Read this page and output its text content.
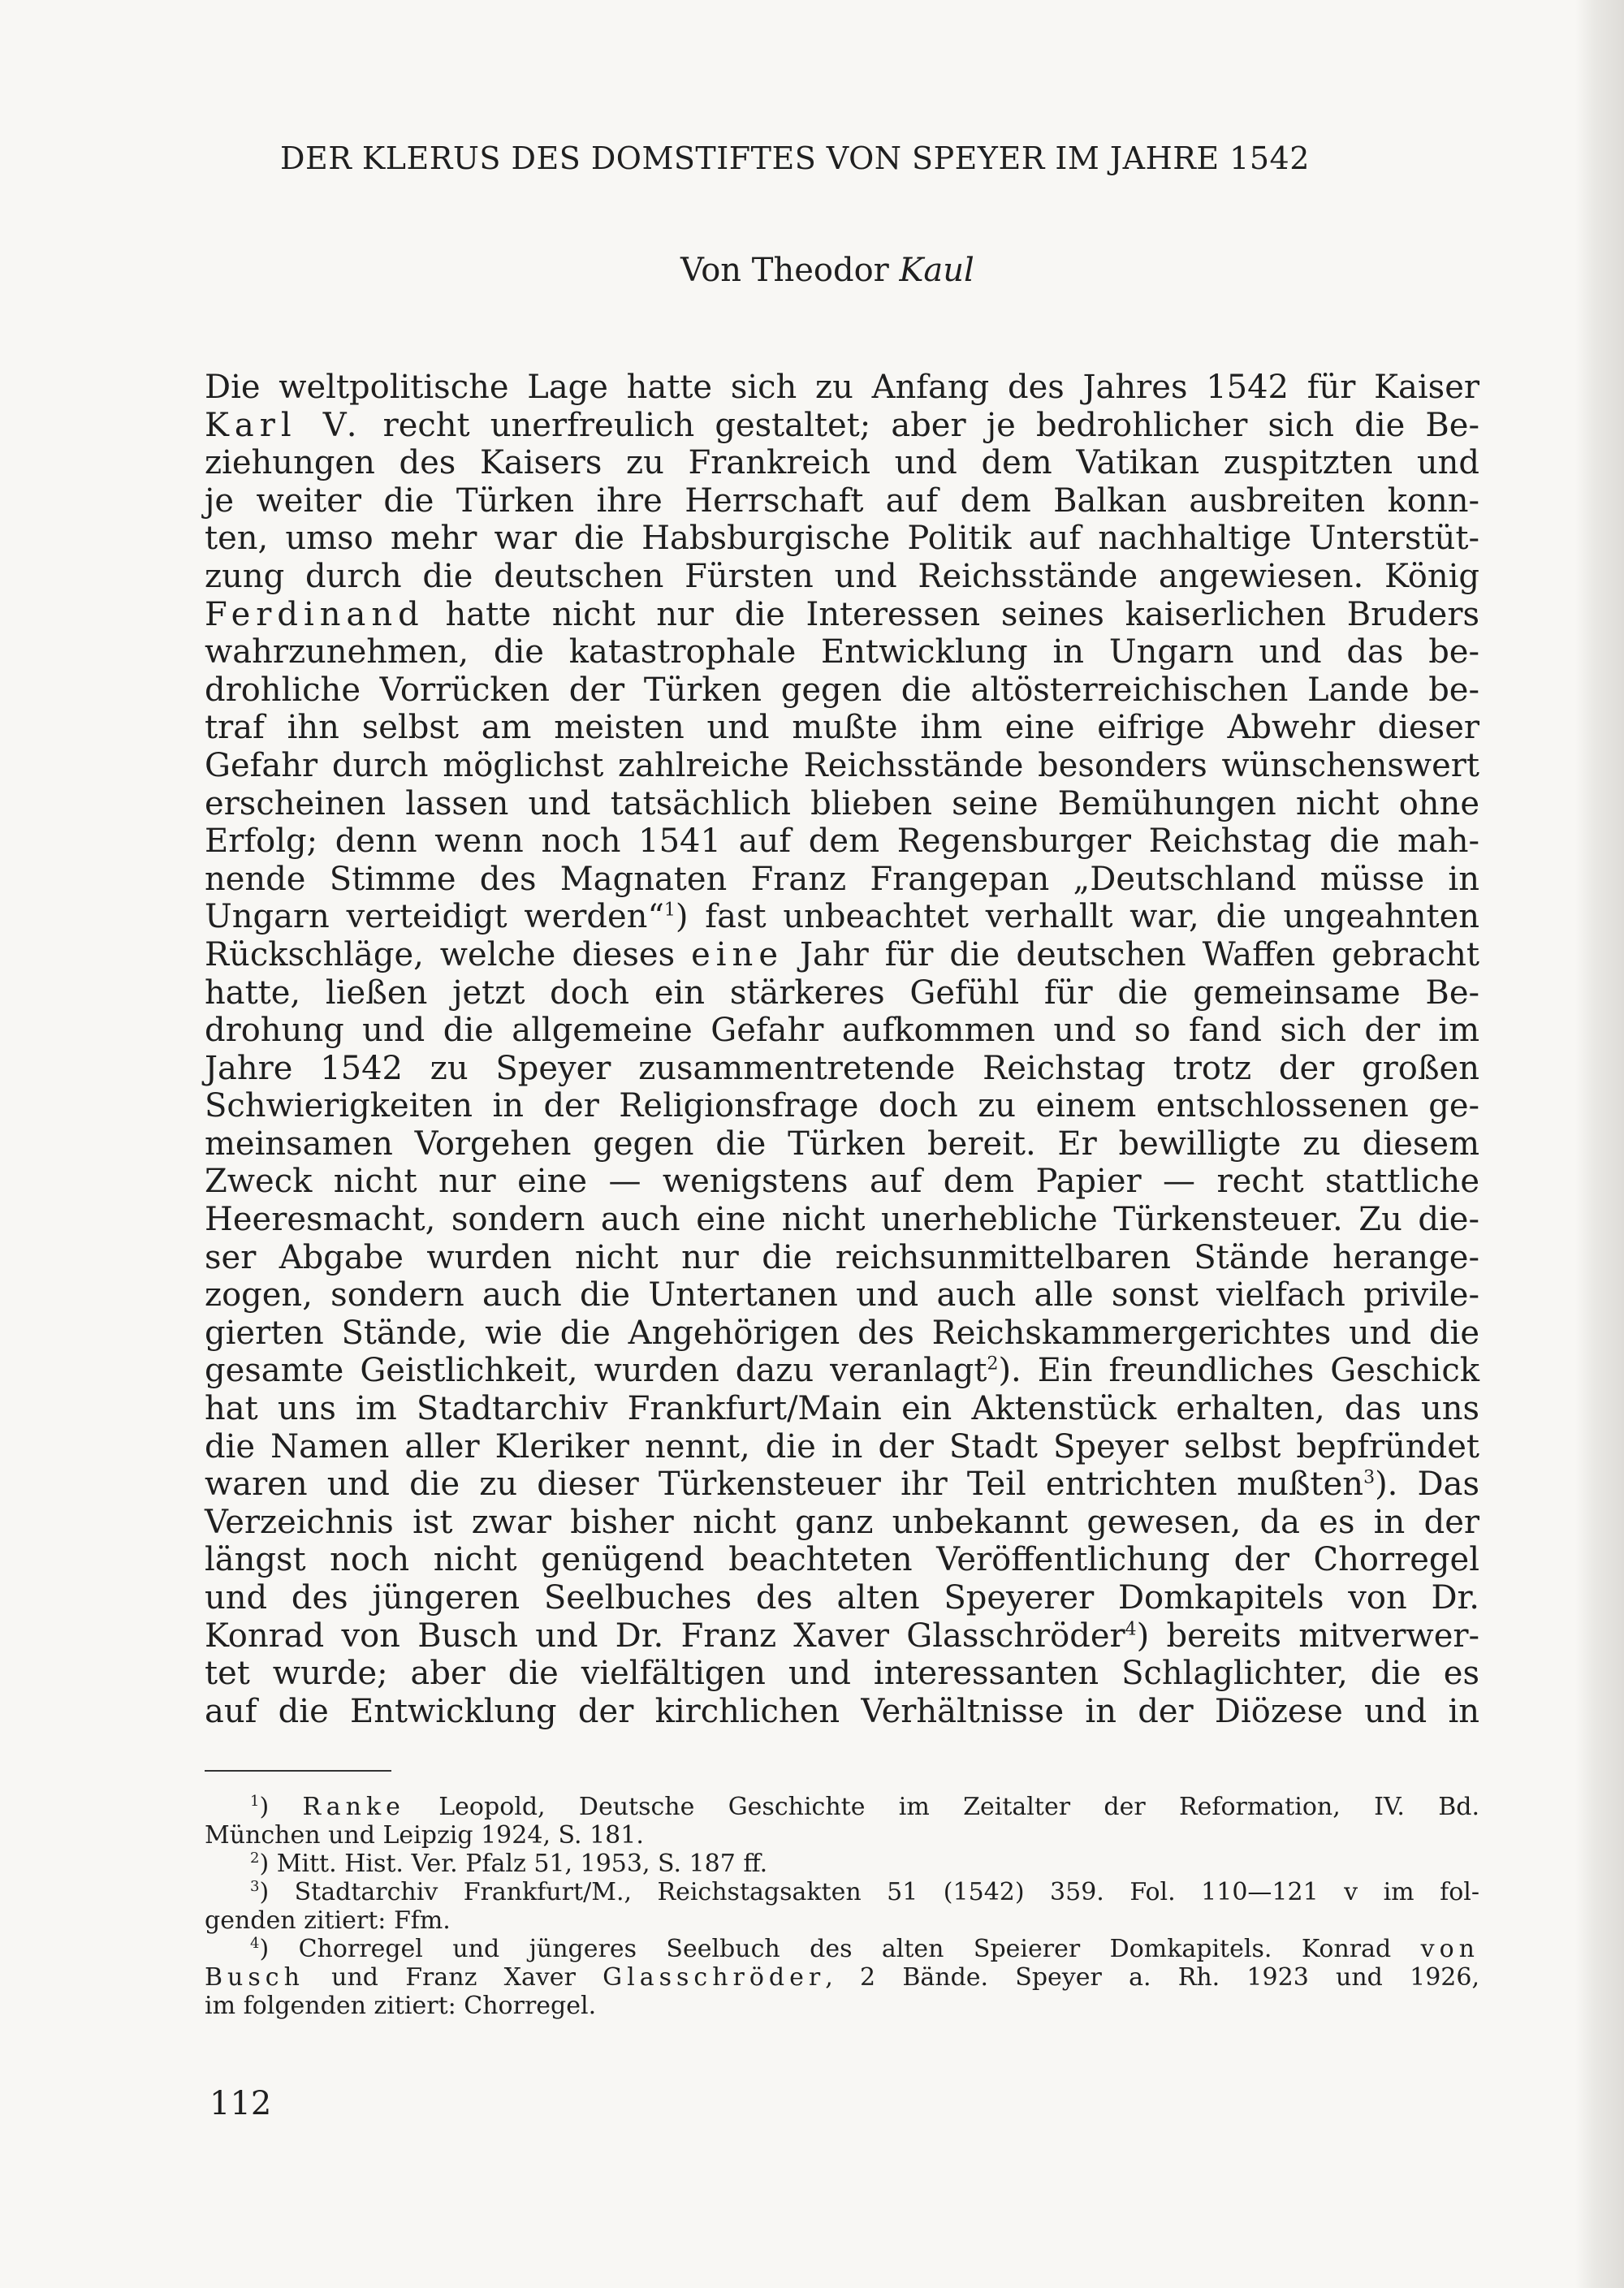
DER KLERUS DES DOMSTIFTES VON SPEYER IM JAHRE 1542
Von Theodor Kaul
Die weltpolitische Lage hatte sich zu Anfang des Jahres 1542 für Kaiser
Karl V. recht unerfreulich gestaltet; aber je bedrohlicher sich die Be-
ziehungen des Kaisers zu Frankreich und dem Vatikan zuspitzten und
je weiter die Türken ihre Herrschaft auf dem Balkan ausbreiten konn-
ten, umso mehr war die Habsburgische Politik auf nachhaltige Unterstüt-
zung durch die deutschen Fürsten und Reichsstände angewiesen. König
Ferdinand hatte nicht nur die Interessen seines kaiserlichen Bruders
wahrzunehmen, die katastrophale Entwicklung in Ungarn und das be-
drohliche Vorrücken der Türken gegen die altösterreichischen Lande be-
traf ihn selbst am meisten und mußte ihm eine eifrige Abwehr dieser
Gefahr durch möglichst zahlreiche Reichsstände besonders wünschenswert
erscheinen lassen und tatsächlich blieben seine Bemühungen nicht ohne
Erfolg; denn wenn noch 1541 auf dem Regensburger Reichstag die mah-
nende Stimme des Magnaten Franz Frangepan „Deutschland müsse in
Ungarn verteidigt werden“$^1$) fast unbeachtet verhallt war, die ungeahnten
Rückschläge, welche dieses eine Jahr für die deutschen Waffen gebracht
hatte, ließen jetzt doch ein stärkeres Gefühl für die gemeinsame Be-
drohung und die allgemeine Gefahr aufkommen und so fand sich der im
Jahre 1542 zu Speyer zusammentretende Reichstag trotz der großen
Schwierigkeiten in der Religionsfrage doch zu einem entschlossenen ge-
meinsamen Vorgehen gegen die Türken bereit. Er bewilligte zu diesem
Zweck nicht nur eine — wenigstens auf dem Papier — recht stattliche
Heeresmacht, sondern auch eine nicht unerhebliche Türkensteuer. Zu die-
ser Abgabe wurden nicht nur die reichsunmittelbaren Stände herange-
zogen, sondern auch die Untertanen und auch alle sonst vielfach privile-
gierten Stände, wie die Angehörigen des Reichskammergerichtes und die
gesamte Geistlichkeit, wurden dazu veranlagt$^2$). Ein freundliches Geschick
hat uns im Stadtarchiv Frankfurt/Main ein Aktenstück erhalten, das uns
die Namen aller Kleriker nennt, die in der Stadt Speyer selbst bepfründet
waren und die zu dieser Türkensteuer ihr Teil entrichten mußten$^3$). Das
Verzeichnis ist zwar bisher nicht ganz unbekannt gewesen, da es in der
längst noch nicht genügend beachteten Veröffentlichung der Chorregel
und des jüngeren Seelbuches des alten Speyerer Domkapitels von Dr.
Konrad von Busch und Dr. Franz Xaver Glasschröder$^4$) bereits mitverwer-
tet wurde; aber die vielfältigen und interessanten Schlaglichter, die es
auf die Entwicklung der kirchlichen Verhältnisse in der Diözese und in
$^1$) Ranke Leopold, Deutsche Geschichte im Zeitalter der Reformation, IV. Bd.
München und Leipzig 1924, S. 181.
$^2$) Mitt. Hist. Ver. Pfalz 51, 1953, S. 187 ff.
$^3$) Stadtarchiv Frankfurt/M., Reichstagsakten 51 (1542) 359. Fol. 110—121 v im fol-
genden zitiert: Ffm.
$^4$) Chorregel und jüngeres Seelbuch des alten Speierer Domkapitels. Konrad von
Busch und Franz Xaver Glasschröder, 2 Bände. Speyer a. Rh. 1923 und 1926,
im folgenden zitiert: Chorregel.
112
